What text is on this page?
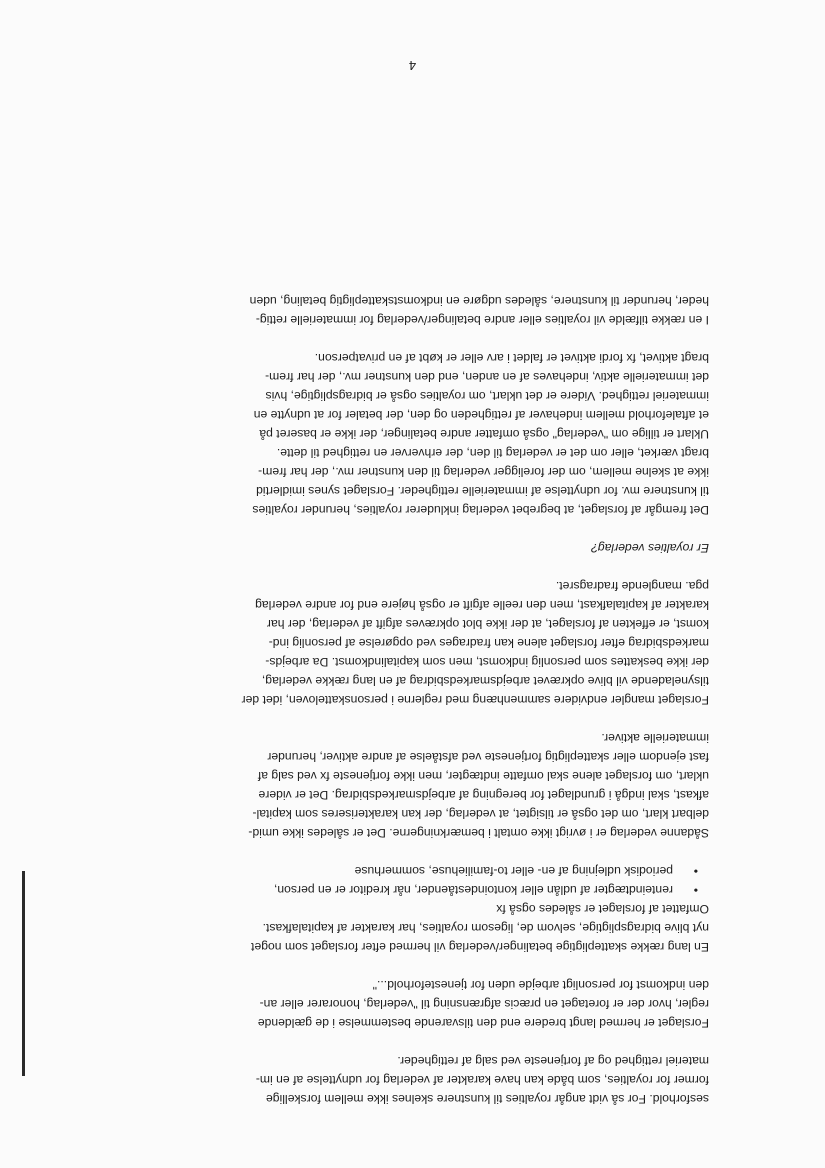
sesforhold. For så vidt angår royalties til kunstnere skelnes ikke mellem forskellige
former for royalties, som både kan have karakter af vederlag for udnyttelse af en im-
materiel rettighed og af fortjeneste ved salg af rettigheder.

Forslaget er hermed langt bredere end den tilsvarende bestemmelse i de gældende
regler, hvor der er foretaget en præcis afgrænsning til "vederlag, honorarer eller an-
den indkomst for personligt arbejde uden for tjenesteforhold..."

En lang række skattepligtige betalinger/vederlag vil hermed efter forslaget som noget
nyt blive bidragspligtige, selvom de, ligesom royalties, har karakter af kapitalafkast.
Omfattet af forslaget er således også fx

•
renteindtægter af udlån eller kontoindeståender, når kreditor er en person,
•
periodisk udlejning af en- eller to-familiehuse, sommerhuse

Sådanne vederlag er i øvrigt ikke omtalt i bemærkningerne. Det er således ikke umid-
delbart klart, om det også er tilsigtet, at vederlag, der kan karakteriseres som kapital-
afkast, skal indgå i grundlaget for beregning af arbejdsmarkedsbidrag. Det er videre
uklart, om forslaget alene skal omfatte indtægter, men ikke fortjeneste fx ved salg af
fast ejendom eller skattepligtig fortjeneste ved afståelse af andre aktiver, herunder
immaterielle aktiver.

Forslaget mangler endvidere sammenhæng med reglerne i personskatteloven, idet der
tilsyneladende vil blive opkrævet arbejdsmarkedsbidrag af en lang række vederlag,
der ikke beskattes som personlig indkomst, men som kapitalindkomst. Da arbejds-
markedsbidrag efter forslaget alene kan fradrages ved opgørelse af personlig ind-
komst, er effekten af forslaget, at der ikke blot opkræves afgift af vederlag, der har
karakter af kapitalafkast, men den reelle afgift er også højere end for andre vederlag
pga. manglende fradragsret.

Er royalties vederlag?

Det fremgår af forslaget, at begrebet vederlag inkluderer royalties, herunder royalties
til kunstnere mv. for udnyttelse af immaterielle rettigheder. Forslaget synes imidlertid
ikke at skelne mellem, om der foreligger vederlag til den kunstner mv., der har frem-
bragt værket, eller om det er vederlag til den, der erhverver en rettighed til dette.
Uklart er tillige om "vederlag" også omfatter andre betalinger, der ikke er baseret på
et aftaleforhold mellem indehaver af rettigheden og den, der betaler for at udnytte en
immateriel rettighed. Videre er det uklart, om royalties også er bidragspligtige, hvis
det immaterielle aktiv, indehaves af en anden, end den kunstner mv., der har frem-
bragt aktivet, fx fordi aktivet er faldet i arv eller er købt af en privatperson.

I en række tilfælde vil royalties eller andre betalinger/vederlag for immaterielle rettig-
heder, herunder til kunstnere, således udgøre en indkomstskattepligtig betaling, uden

4
